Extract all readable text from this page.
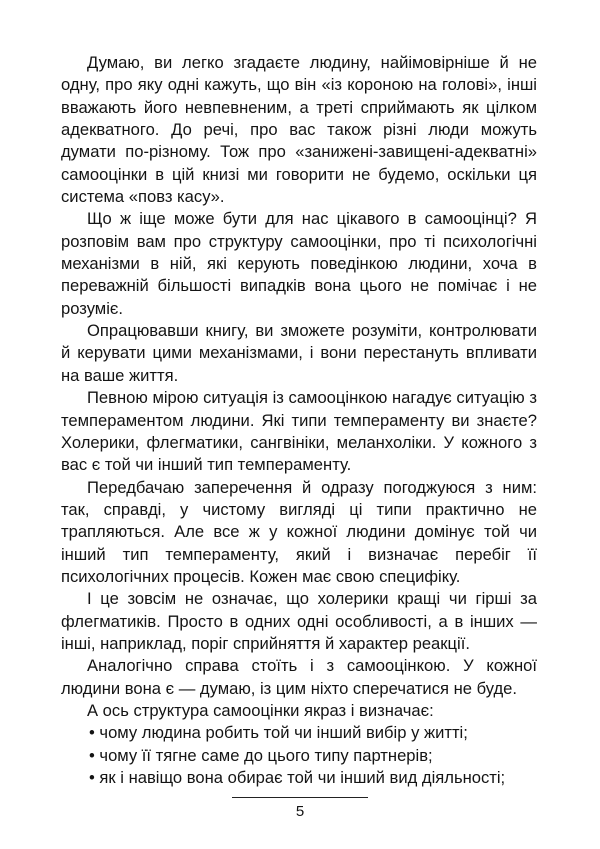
Думаю, ви легко згадаєте людину, найімовірніше й не одну, про яку одні кажуть, що він «із короною на голові», інші вважають його невпевненим, а треті сприймають як цілком адекватного. До речі, про вас також різні люди можуть думати по-різному. Тож про «занижені-завищені-адекватні» самооцінки в цій книзі ми говорити не будемо, оскільки ця система «повз касу».

Що ж іще може бути для нас цікавого в самооцінці? Я розповім вам про структуру самооцінки, про ті психологічні механізми в ній, які керують поведінкою людини, хоча в переважній більшості випадків вона цього не помічає і не розуміє.

Опрацювавши книгу, ви зможете розуміти, контролювати й керувати цими механізмами, і вони перестануть впливати на ваше життя.

Певною мірою ситуація із самооцінкою нагадує ситуацію з темпераментом людини. Які типи темпераменту ви знаєте? Холерики, флегматики, сангвініки, меланхоліки. У кожного з вас є той чи інший тип темпераменту.

Передбачаю заперечення й одразу погоджуюся з ним: так, справді, у чистому вигляді ці типи практично не трапляються. Але все ж у кожної людини домінує той чи інший тип темпераменту, який і визначає перебіг її психологічних процесів. Кожен має свою специфіку.

І це зовсім не означає, що холерики кращі чи гірші за флегматиків. Просто в одних одні особливості, а в інших — інші, наприклад, поріг сприйняття й характер реакції.

Аналогічно справа стоїть і з самооцінкою. У кожної людини вона є — думаю, із цим ніхто сперечатися не буде.

А ось структура самооцінки якраз і визначає:

• чому людина робить той чи інший вибір у житті;
• чому її тягне саме до цього типу партнерів;
• як і навіщо вона обирає той чи інший вид діяльності;
5
